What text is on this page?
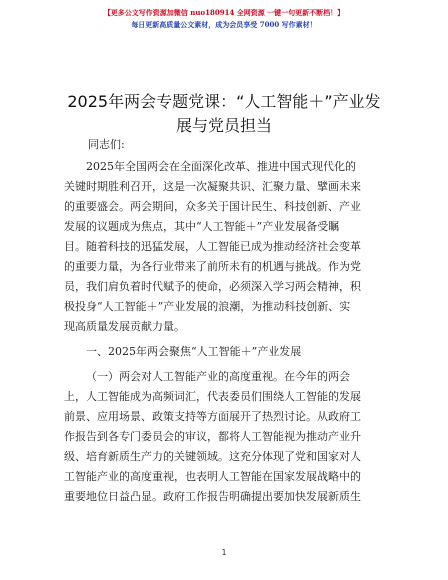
【更多公文写作资源加微信 nuo180914 全网资源 一键一句更新不断档！】
每日更新高质量公文素材，成为会员享受 7000 写作素材！
2025年两会专题党课：“人工智能＋”产业发
展与党员担当
同志们:
2025年全国两会在全面深化改革、推进中国式现代化的
关键时期胜利召开，这是一次凝聚共识、汇聚力量、擘画未来
的重要盛会。两会期间，众多关于国计民生、科技创新、产业
发展的议题成为焦点，其中“人工智能＋”产业发展备受瞩
目。随着科技的迅猛发展，人工智能已成为推动经济社会变革
的重要力量，为各行业带来了前所未有的机遇与挑战。作为党
员，我们肩负着时代赋予的使命，必须深入学习两会精神，积
极投身“人工智能＋”产业发展的浪潮，为推动科技创新、实
现高质量发展贡献力量。
一、2025年两会聚焦“人工智能＋”产业发展
（一）两会对人工智能产业的高度重视。在今年的两会
上，人工智能成为高频词汇，代表委员们围绕人工智能的发展
前景、应用场景、政策支持等方面展开了热烈讨论。从政府工
作报告到各专门委员会的审议，都将人工智能视为推动产业升
级、培育新质生产力的关键领域。这充分体现了党和国家对人
工智能产业的高度重视，也表明人工智能在国家发展战略中的
重要地位日益凸显。政府工作报告明确提出要加快发展新质生
1
